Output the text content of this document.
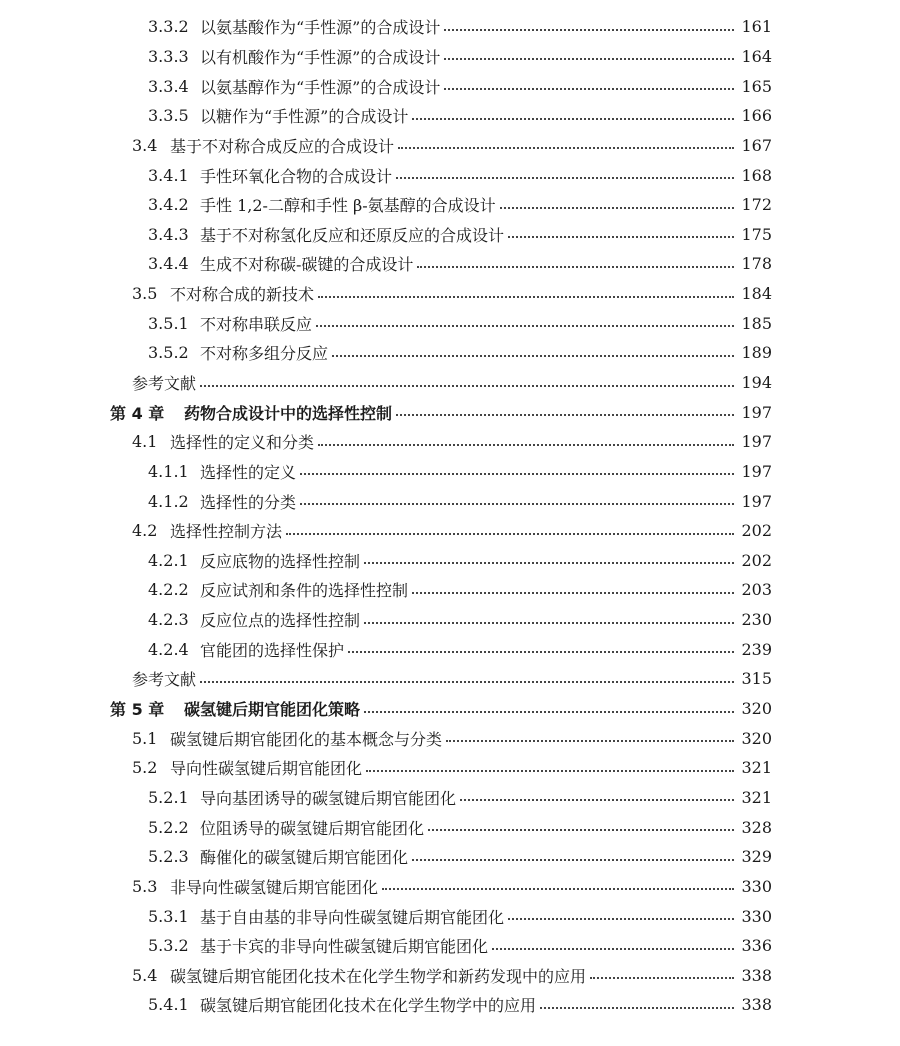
3.3.2 以氨基酸作为“手性源”的合成设计	161
3.3.3 以有机酸作为“手性源”的合成设计	164
3.3.4 以氨基醇作为“手性源”的合成设计	165
3.3.5 以糖作为“手性源”的合成设计	166
3.4 基于不对称合成反应的合成设计	167
3.4.1 手性环氧化合物的合成设计	168
3.4.2 手性 1,2-二醇和手性 β-氨基醇的合成设计	172
3.4.3 基于不对称氢化反应和还原反应的合成设计	175
3.4.4 生成不对称碳-碳键的合成设计	178
3.5 不对称合成的新技术	184
3.5.1 不对称串联反应	185
3.5.2 不对称多组分反应	189
参考文献	194
第 4 章	药物合成设计中的选择性控制	197
4.1 选择性的定义和分类	197
4.1.1 选择性的定义	197
4.1.2 选择性的分类	197
4.2 选择性控制方法	202
4.2.1 反应底物的选择性控制	202
4.2.2 反应试剂和条件的选择性控制	203
4.2.3 反应位点的选择性控制	230
4.2.4 官能团的选择性保护	239
参考文献	315
第 5 章	碳氢键后期官能团化策略	320
5.1 碳氢键后期官能团化的基本概念与分类	320
5.2 导向性碳氢键后期官能团化	321
5.2.1 导向基团诱导的碳氢键后期官能团化	321
5.2.2 位阻诱导的碳氢键后期官能团化	328
5.2.3 酶催化的碳氢键后期官能团化	329
5.3 非导向性碳氢键后期官能团化	330
5.3.1 基于自由基的非导向性碳氢键后期官能团化	330
5.3.2 基于卡宾的非导向性碳氢键后期官能团化	336
5.4 碳氢键后期官能团化技术在化学生物学和新药发现中的应用	338
5.4.1 碳氢键后期官能团化技术在化学生物学中的应用	338
